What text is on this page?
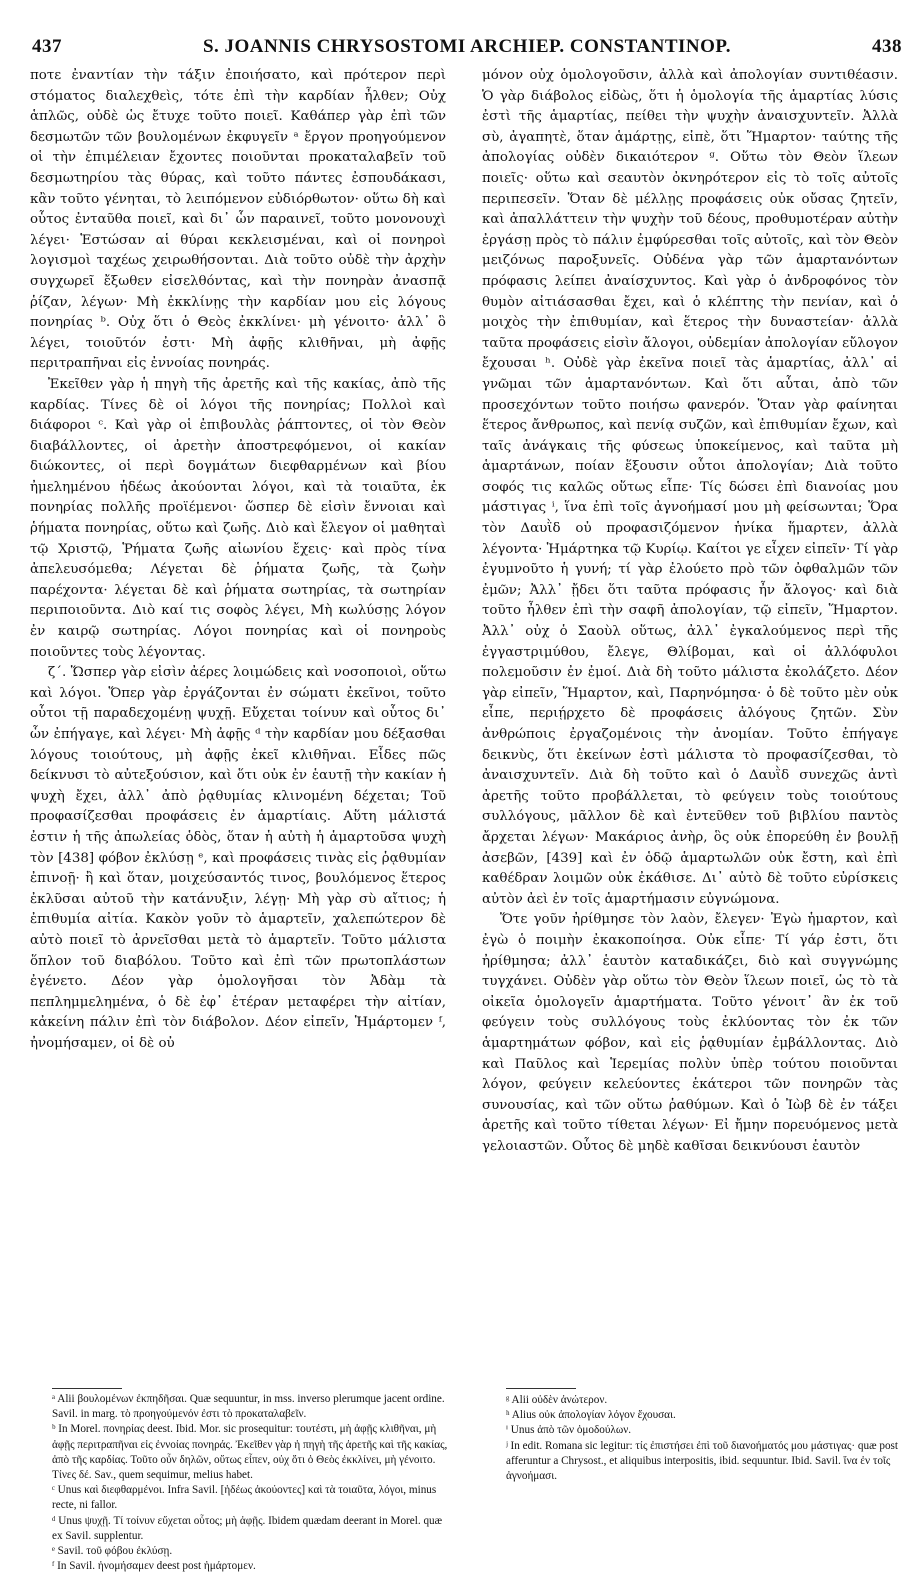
437	S. JOANNIS CHRYSOSTOMI ARCHIEP. CONSTANTINOP.	438

ποτε ἐναντίαν τὴν τάξιν ἐποιήσατο, καὶ πρότερον περὶ στόματος διαλεχθεὶς, τότε ἐπὶ τὴν καρδίαν ἦλθεν; Οὐχ ἁπλῶς, οὐδὲ ὡς ἔτυχε τοῦτο ποιεῖ. Καθάπερ γὰρ ἐπὶ τῶν δεσμωτῶν τῶν βουλομένων ἐκφυγεῖν ᵃ ἔργον προηγούμενον οἱ τὴν ἐπιμέλειαν ἔχοντες ποιοῦνται προκαταλαβεῖν τοῦ δεσμωτηρίου τὰς θύρας, καὶ τοῦτο πάντες ἐσπουδάκασι, κἂν τοῦτο γένηται, τὸ λειπόμενον εὐδιόρθωτον· οὕτω δὴ καὶ οὗτος ἐνταῦθα ποιεῖ, καὶ δι᾽ ὧν παραινεῖ, τοῦτο μονονουχὶ λέγει· Ἑστώσαν αἱ θύραι κεκλεισμέναι, καὶ οἱ πονηροὶ λογισμοὶ ταχέως χειρωθήσονται. Διὰ τοῦτο οὐδὲ τὴν ἀρχὴν συγχωρεῖ ἔξωθεν εἰσελθόντας, καὶ τὴν πονηρὰν ἀνασπᾷ ῥίζαν, λέγων· Μὴ ἐκκλίνῃς τὴν καρδίαν μου εἰς λόγους πονηρίας ᵇ. Οὐχ ὅτι ὁ Θεὸς ἐκκλίνει· μὴ γένοιτο· ἀλλ᾽ ὃ λέγει, τοιοῦτόν ἐστι· Μὴ ἀφῇς κλιθῆναι, μὴ ἀφῇς περιτραπῆναι εἰς ἐννοίας πονηράς.

Ἐκεῖθεν γὰρ ἡ πηγὴ τῆς ἀρετῆς καὶ τῆς κακίας, ἀπὸ τῆς καρδίας. Τίνες δὲ οἱ λόγοι τῆς πονηρίας; Πολλοὶ καὶ διάφοροι ᶜ. Καὶ γὰρ οἱ ἐπιβουλὰς ῥάπτοντες, οἱ τὸν Θεὸν διαβάλλοντες, οἱ ἀρετὴν ἀποστρεφόμενοι, οἱ κακίαν διώκοντες, οἱ περὶ δογμάτων διεφθαρμένων καὶ βίου ἠμελημένου ἡδέως ἀκούονται λόγοι, καὶ τὰ τοιαῦτα, ἐκ πονηρίας πολλῆς προϊέμενοι· ὥσπερ δὲ εἰσὶν ἔννοιαι καὶ ῥήματα πονηρίας, οὕτω καὶ ζωῆς. Διὸ καὶ ἔλεγον οἱ μαθηταὶ τῷ Χριστῷ, Ῥήματα ζωῆς αἰωνίου ἔχεις· καὶ πρὸς τίνα ἀπελευσόμεθα; Λέγεται δὲ ῥήματα ζωῆς, τὰ ζωὴν παρέχοντα· λέγεται δὲ καὶ ῥήματα σωτηρίας, τὰ σωτηρίαν περιποιοῦντα. Διὸ καί τις σοφὸς λέγει, Μὴ κωλύσῃς λόγον ἐν καιρῷ σωτηρίας. Λόγοι πονηρίας καὶ οἱ πονηροὺς ποιοῦντες τοὺς λέγοντας.

ζ΄. Ὥσπερ γὰρ εἰσὶν ἀέρες λοιμώδεις καὶ νοσοποιοὶ, οὕτω καὶ λόγοι. Ὅπερ γὰρ ἐργάζονται ἐν σώματι ἐκεῖνοι, τοῦτο οὗτοι τῇ παραδεχομένῃ ψυχῇ. Εὔχεται τοίνυν καὶ οὗτος δι᾽ ὧν ἐπήγαγε, καὶ λέγει· Μὴ ἀφῇς ᵈ τὴν καρδίαν μου δέξασθαι λόγους τοιούτους, μὴ ἀφῇς ἐκεῖ κλιθῆναι. Εἶδες πῶς δείκνυσι τὸ αὐτεξούσιον, καὶ ὅτι οὐκ ἐν ἑαυτῇ τὴν κακίαν ἡ ψυχὴ ἔχει, ἀλλ᾽ ἀπὸ ῥᾳθυμίας κλινομένη δέχεται; Τοῦ προφασίζεσθαι προφάσεις ἐν ἁμαρτίαις. Αὕτη μάλιστά ἐστιν ἡ τῆς ἀπωλείας ὁδὸς, ὅταν ἡ αὐτὴ ἡ ἁμαρτοῦσα ψυχὴ τὸν [438] φόβον ἐκλύσῃ ᵉ, καὶ προφάσεις τινὰς εἰς ῥᾳθυμίαν ἐπινοῇ· ἢ καὶ ὅταν, μοιχεύσαντός τινος, βουλόμενος ἕτερος ἐκλῦσαι αὐτοῦ τὴν κατάνυξιν, λέγῃ· Μὴ γὰρ σὺ αἴτιος; ἡ ἐπιθυμία αἰτία. Κακὸν γοῦν τὸ ἁμαρτεῖν, χαλεπώτερον δὲ αὐτὸ ποιεῖ τὸ ἀρνεῖσθαι μετὰ τὸ ἁμαρτεῖν. Τοῦτο μάλιστα ὅπλον τοῦ διαβόλου. Τοῦτο καὶ ἐπὶ τῶν πρωτοπλάστων ἐγένετο. Δέον γὰρ ὁμολογῆσαι τὸν Ἀδὰμ τὰ πεπλημμελημένα, ὁ δὲ ἐφ᾽ ἑτέραν μεταφέρει τὴν αἰτίαν, κἀκείνη πάλιν ἐπὶ τὸν διάβολον. Δέον εἰπεῖν, Ἡμάρτομεν ᶠ, ἠνομήσαμεν, οἱ δὲ οὐ

μόνον οὐχ ὁμολογοῦσιν, ἀλλὰ καὶ ἀπολογίαν συντιθέασιν. Ὁ γὰρ διάβολος εἰδὼς, ὅτι ἡ ὁμολογία τῆς ἁμαρτίας λύσις ἐστὶ τῆς ἁμαρτίας, πείθει τὴν ψυχὴν ἀναισχυντεῖν. Ἀλλὰ σὺ, ἀγαπητὲ, ὅταν ἁμάρτῃς, εἰπὲ, ὅτι Ἥμαρτον· ταύτης τῆς ἀπολογίας οὐδὲν δικαιότερον ᵍ. Οὕτω τὸν Θεὸν ἵλεων ποιεῖς· οὕτω καὶ σεαυτὸν ὀκνηρότερον εἰς τὸ τοῖς αὐτοῖς περιπεσεῖν. Ὅταν δὲ μέλλῃς προφάσεις οὐκ οὔσας ζητεῖν, καὶ ἀπαλλάττειν τὴν ψυχὴν τοῦ δέους, προθυμοτέραν αὐτὴν ἐργάσῃ πρὸς τὸ πάλιν ἐμφύρεσθαι τοῖς αὐτοῖς, καὶ τὸν Θεὸν μειζόνως παροξυνεῖς. Οὐδένα γὰρ τῶν ἁμαρτανόντων πρόφασις λείπει ἀναίσχυντος. Καὶ γὰρ ὁ ἀνδροφόνος τὸν θυμὸν αἰτιάσασθαι ἔχει, καὶ ὁ κλέπτης τὴν πενίαν, καὶ ὁ μοιχὸς τὴν ἐπιθυμίαν, καὶ ἕτερος τὴν δυναστείαν· ἀλλὰ ταῦτα προφάσεις εἰσὶν ἄλογοι, οὐδεμίαν ἀπολογίαν εὔλογον ἔχουσαι ʰ. Οὐδὲ γὰρ ἐκεῖνα ποιεῖ τὰς ἁμαρτίας, ἀλλ᾽ αἱ γνῶμαι τῶν ἁμαρτανόντων. Καὶ ὅτι αὗται, ἀπὸ τῶν προσεχόντων τοῦτο ποιήσω φανερόν. Ὅταν γὰρ φαίνηται ἕτερος ἄνθρωπος, καὶ πενίᾳ συζῶν, καὶ ἐπιθυμίαν ἔχων, καὶ ταῖς ἀνάγκαις τῆς φύσεως ὑποκείμενος, καὶ ταῦτα μὴ ἁμαρτάνων, ποίαν ἕξουσιν οὗτοι ἀπολογίαν; Διὰ τοῦτο σοφός τις καλῶς οὕτως εἶπε· Τίς δώσει ἐπὶ διανοίας μου μάστιγας ⁱ, ἵνα ἐπὶ τοῖς ἀγνοήμασί μου μὴ φείσωνται; Ὅρα τὸν Δαυῒδ οὐ προφασιζόμενον ἡνίκα ἥμαρτεν, ἀλλὰ λέγοντα· Ἡμάρτηκα τῷ Κυρίῳ. Καίτοι γε εἶχεν εἰπεῖν· Τί γὰρ ἐγυμνοῦτο ἡ γυνή; τί γὰρ ἐλούετο πρὸ τῶν ὀφθαλμῶν τῶν ἐμῶν; Ἀλλ᾽ ᾔδει ὅτι ταῦτα πρόφασις ἦν ἄλογος· καὶ διὰ τοῦτο ἦλθεν ἐπὶ τὴν σαφῆ ἀπολογίαν, τῷ εἰπεῖν, Ἥμαρτον. Ἀλλ᾽ οὐχ ὁ Σαοὺλ οὕτως, ἀλλ᾽ ἐγκαλούμενος περὶ τῆς ἐγγαστριμύθου, ἔλεγε, Θλίβομαι, καὶ οἱ ἀλλόφυλοι πολεμοῦσιν ἐν ἐμοί. Διὰ δὴ τοῦτο μάλιστα ἐκολάζετο. Δέον γὰρ εἰπεῖν, Ἥμαρτον, καὶ, Παρηνόμησα· ὁ δὲ τοῦτο μὲν οὐκ εἶπε, περιῄρχετο δὲ προφάσεις ἀλόγους ζητῶν. Σὺν ἀνθρώποις ἐργαζομένοις τὴν ἀνομίαν. Τοῦτο ἐπήγαγε δεικνὺς, ὅτι ἐκείνων ἐστὶ μάλιστα τὸ προφασίζεσθαι, τὸ ἀναισχυντεῖν. Διὰ δὴ τοῦτο καὶ ὁ Δαυῒδ συνεχῶς ἀντὶ ἀρετῆς τοῦτο προβάλλεται, τὸ φεύγειν τοὺς τοιούτους συλλόγους, μᾶλλον δὲ καὶ ἐντεῦθεν τοῦ βιβλίου παντὸς ἄρχεται λέγων· Μακάριος ἀνὴρ, ὃς οὐκ ἐπορεύθη ἐν βουλῇ ἀσεβῶν, [439] καὶ ἐν ὁδῷ ἁμαρτωλῶν οὐκ ἔστη, καὶ ἐπὶ καθέδραν λοιμῶν οὐκ ἐκάθισε. Δι᾽ αὐτὸ δὲ τοῦτο εὐρίσκεις αὐτὸν ἀεὶ ἐν τοῖς ἁμαρτήμασιν εὐγνώμονα.

Ὅτε γοῦν ἠρίθμησε τὸν λαὸν, ἔλεγεν· Ἐγὼ ἡμαρτον, καὶ ἐγὼ ὁ ποιμὴν ἐκακοποίησα. Οὐκ εἶπε· Τί γάρ ἐστι, ὅτι ἠρίθμησα; ἀλλ᾽ ἑαυτὸν καταδικάζει, διὸ καὶ συγγνώμης τυγχάνει. Οὐδὲν γὰρ οὕτω τὸν Θεὸν ἵλεων ποιεῖ, ὡς τὸ τὰ οἰκεῖα ὁμολογεῖν ἁμαρτήματα. Τοῦτο γένοιτ᾽ ἂν ἐκ τοῦ φεύγειν τοὺς συλλόγους τοὺς ἐκλύοντας τὸν ἐκ τῶν ἁμαρτημάτων φόβον, καὶ εἰς ῥᾳθυμίαν ἐμβάλλοντας. Διὸ καὶ Παῦλος καὶ Ἱερεμίας πολὺν ὑπὲρ τούτου ποιοῦνται λόγον, φεύγειν κελεύοντες ἑκάτεροι τῶν πονηρῶν τὰς συνουσίας, καὶ τῶν οὕτω ῥαθύμων. Καὶ ὁ Ἰὼβ δὲ ἐν τάξει ἀρετῆς καὶ τοῦτο τίθεται λέγων· Εἰ ἤμην πορευόμενος μετὰ γελοιαστῶν. Οὗτος δὲ μηδὲ καθῖσαι δεικνύουσι ἑαυτὸν

ᵃ Alii βουλομένων ἐκπηδῆσαι. Quæ sequuntur, in mss. inverso plerumque jacent ordine. Savil. in marg. τὸ προηγούμενόν ἐστι τὸ προκαταλαβεῖν.

ᵇ In Morel. πονηρίας deest. Ibid. Mor. sic prosequitur: τουτέστι, μὴ ἀφῇς κλιθῆναι, μὴ ἀφῇς περιτραπῆναι εἰς ἐννοίας πονηράς. Ἐκεῖθεν γὰρ ἡ πηγὴ τῆς ἀρετῆς καὶ τῆς κακίας, ἀπὸ τῆς καρδίας. Τοῦτο οὖν δηλῶν, οὕτως εἶπεν, οὐχ ὅτι ὁ Θεὸς ἐκκλίνει, μὴ γένοιτο. Τίνες δέ. Sav., quem sequimur, melius habet.

ᶜ Unus καὶ διεφθαρμένοι. Infra Savil. [ἡδέως ἀκούοντες] καὶ τὰ τοιαῦτα, λόγοι, minus recte, ni fallor.

ᵈ Unus ψυχῇ. Τί τοίνυν εὔχεται οὗτος; μὴ ἀφῇς. Ibidem quædam deerant in Morel. quæ ex Savil. supplentur.

ᵉ Savil. τοῦ φόβου ἐκλύσῃ.

ᶠ In Savil. ἠνομήσαμεν deest post ἡμάρτομεν.

ᵍ Alii οὐδὲν ἀνώτερον.

ʰ Alius οὐκ ἀπολογίαν λόγον ἔχουσαι.

ⁱ Unus ἀπὸ τῶν ὁμοδούλων.

ʲ In edit. Romana sic legitur: τίς ἐπιστήσει ἐπὶ τοῦ διανοήματός μου μάστιγας· quæ post afferuntur a Chrysost., et aliquibus interpositis, ibid. sequuntur. Ibid. Savil. ἵνα ἐν τοῖς ἀγνοήμασι.
